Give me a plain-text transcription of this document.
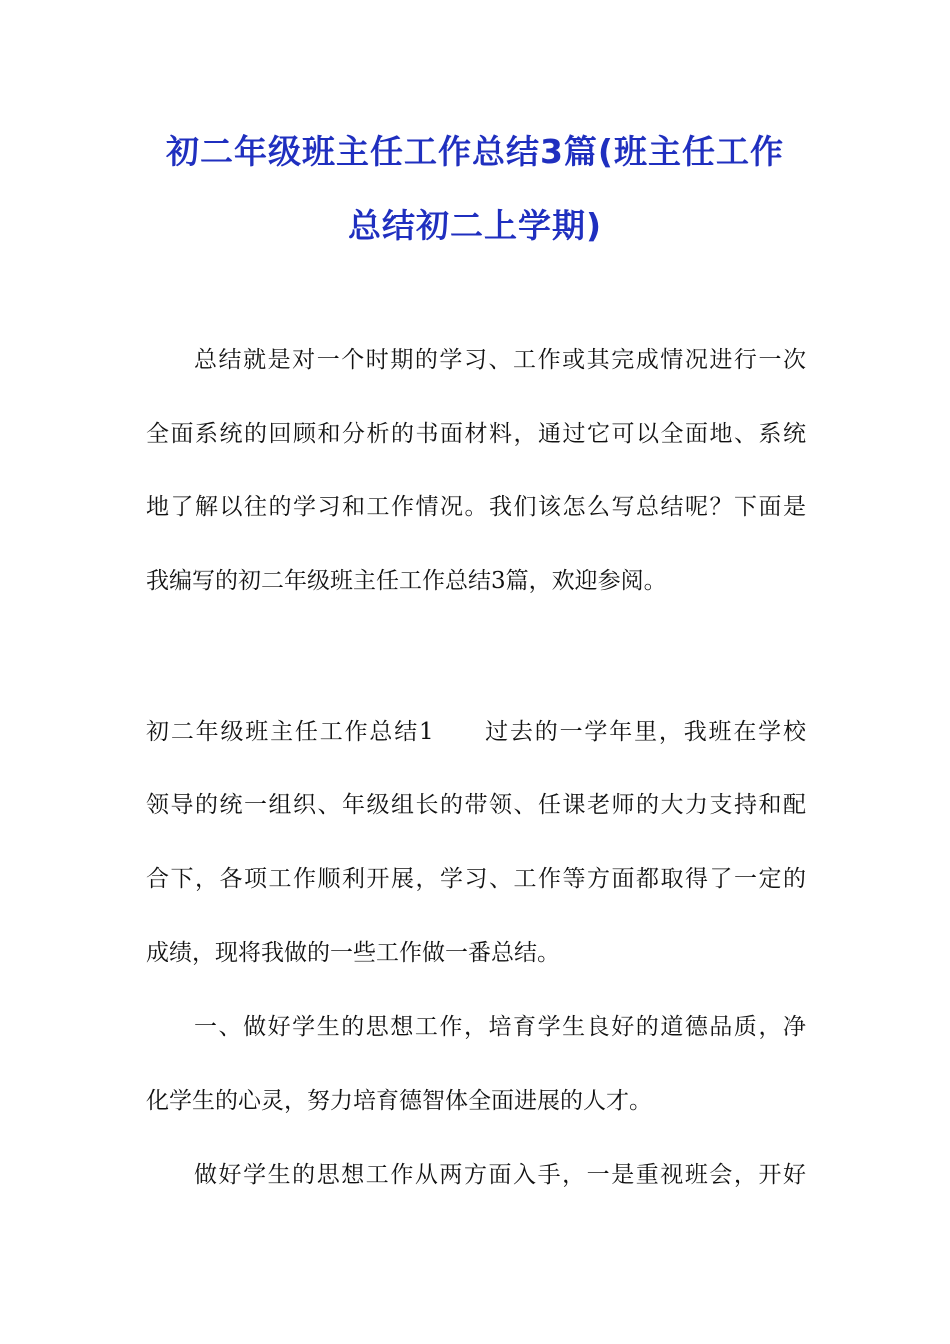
初二年级班主任工作总结3篇(班主任工作
总结初二上学期)
总结就是对一个时期的学习、工作或其完成情况进行一次
全面系统的回顾和分析的书面材料，通过它可以全面地、系统
地了解以往的学习和工作情况。我们该怎么写总结呢？下面是
我编写的初二年级班主任工作总结3篇，欢迎参阅。
初二年级班主任工作总结1　　过去的一学年里，我班在学校
领导的统一组织、年级组长的带领、任课老师的大力支持和配
合下，各项工作顺利开展，学习、工作等方面都取得了一定的
成绩，现将我做的一些工作做一番总结。
一、做好学生的思想工作，培育学生良好的道德品质，净
化学生的心灵，努力培育德智体全面进展的人才。
做好学生的思想工作从两方面入手，一是重视班会，开好
